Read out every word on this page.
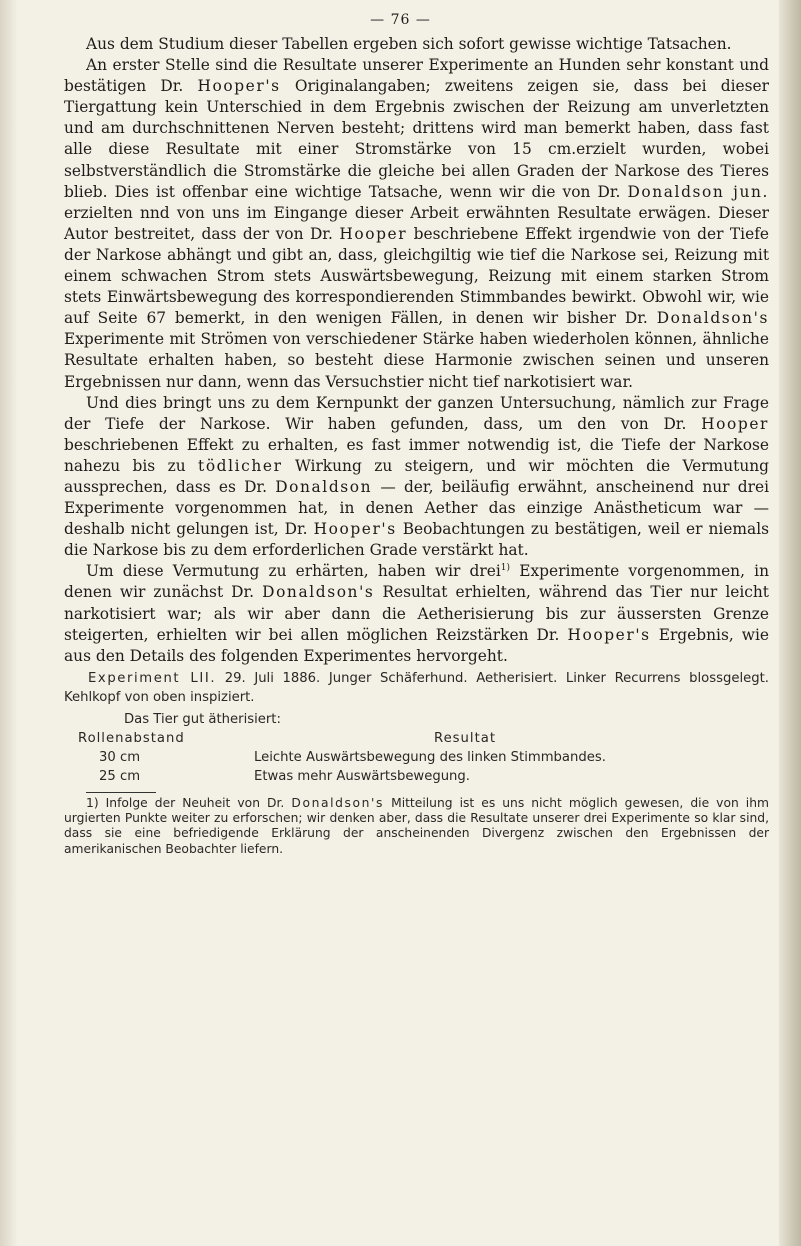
— 76 —

Aus dem Studium dieser Tabellen ergeben sich sofort gewisse wichtige Tatsachen.

An erster Stelle sind die Resultate unserer Experimente an Hunden sehr konstant und bestätigen Dr. Hooper's Originalangaben; zweitens zeigen sie, dass bei dieser Tiergattung kein Unterschied in dem Ergebnis zwischen der Reizung am unverletzten und am durchschnittenen Nerven besteht; drittens wird man bemerkt haben, dass fast alle diese Resultate mit einer Stromstärke von 15 cm.erzielt wurden, wobei selbstverständlich die Stromstärke die gleiche bei allen Graden der Narkose des Tieres blieb. Dies ist offenbar eine wichtige Tatsache, wenn wir die von Dr. Donaldson jun. erzielten nnd von uns im Eingange dieser Arbeit erwähnten Resultate erwägen. Dieser Autor bestreitet, dass der von Dr. Hooper beschriebene Effekt irgendwie von der Tiefe der Narkose abhängt und gibt an, dass, gleichgiltig wie tief die Narkose sei, Reizung mit einem schwachen Strom stets Auswärtsbewegung, Reizung mit einem starken Strom stets Einwärtsbewegung des korrespondierenden Stimmbandes bewirkt. Obwohl wir, wie auf Seite 67 bemerkt, in den wenigen Fällen, in denen wir bisher Dr. Donaldson's Experimente mit Strömen von verschiedener Stärke haben wiederholen können, ähnliche Resultate erhalten haben, so besteht diese Harmonie zwischen seinen und unseren Ergebnissen nur dann, wenn das Versuchstier nicht tief narkotisiert war.

Und dies bringt uns zu dem Kernpunkt der ganzen Untersuchung, nämlich zur Frage der Tiefe der Narkose. Wir haben gefunden, dass, um den von Dr. Hooper beschriebenen Effekt zu erhalten, es fast immer notwendig ist, die Tiefe der Narkose nahezu bis zu tödlicher Wirkung zu steigern, und wir möchten die Vermutung aussprechen, dass es Dr. Donaldson — der, beiläufig erwähnt, anscheinend nur drei Experimente vorgenommen hat, in denen Aether das einzige Anästheticum war — deshalb nicht gelungen ist, Dr. Hooper's Beobachtungen zu bestätigen, weil er niemals die Narkose bis zu dem erforderlichen Grade verstärkt hat.

Um diese Vermutung zu erhärten, haben wir drei$^{1)}$ Experimente vorgenommen, in denen wir zunächst Dr. Donaldson's Resultat erhielten, während das Tier nur leicht narkotisiert war; als wir aber dann die Aetherisierung bis zur äussersten Grenze steigerten, erhielten wir bei allen möglichen Reizstärken Dr. Hooper's Ergebnis, wie aus den Details des folgenden Experimentes hervorgeht.

Experiment LII. 29. Juli 1886. Junger Schäferhund. Aetherisiert. Linker Recurrens blossgelegt. Kehlkopf von oben inspiziert.
Das Tier gut ätherisiert:
Rollenabstand	Resultat
30 cm	Leichte Auswärtsbewegung des linken Stimmbandes.
25 cm	Etwas mehr Auswärtsbewegung.

1) Infolge der Neuheit von Dr. Donaldson's Mitteilung ist es uns nicht möglich gewesen, die von ihm urgierten Punkte weiter zu erforschen; wir denken aber, dass die Resultate unserer drei Experimente so klar sind, dass sie eine befriedigende Erklärung der anscheinenden Divergenz zwischen den Ergebnissen der amerikanischen Beobachter liefern.
